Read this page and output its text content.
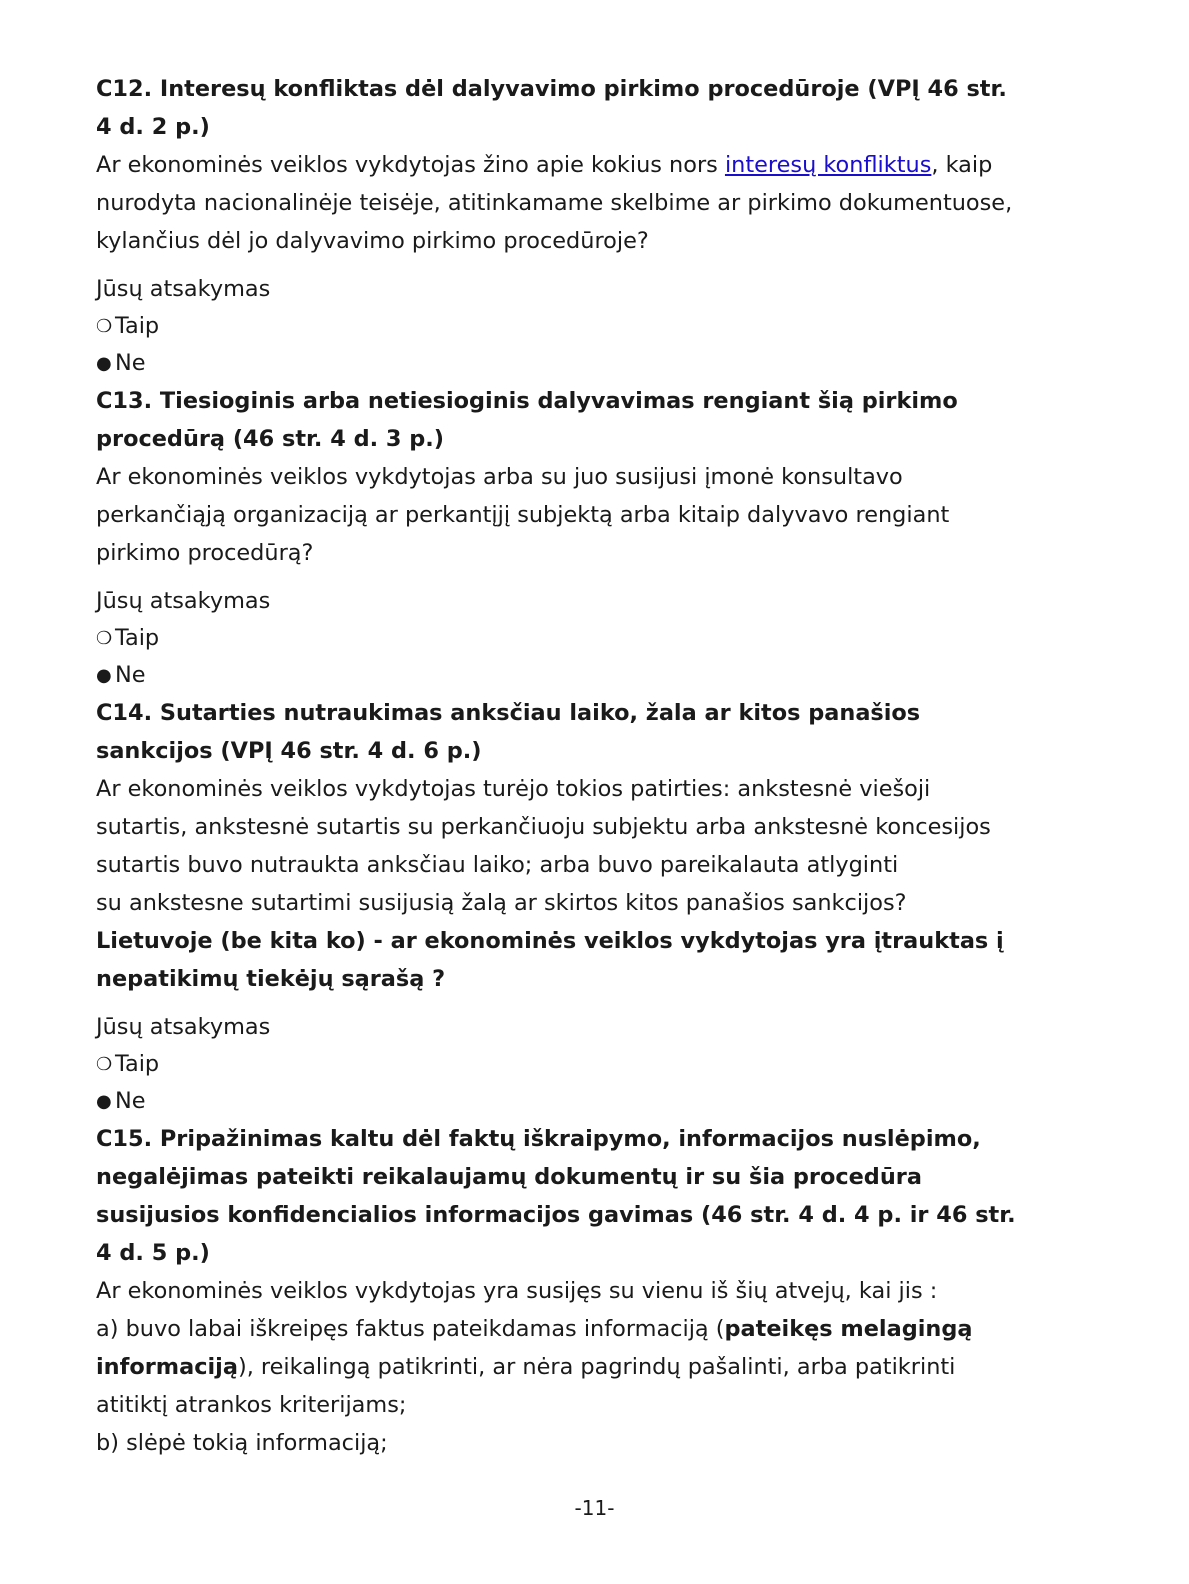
C12. Interesų konfliktas dėl dalyvavimo pirkimo procedūroje (VPĮ 46 str.
4 d. 2 p.)

Ar ekonominės veiklos vykdytojas žino apie kokius nors interesų konfliktus, kaip
nurodyta nacionalinėje teisėje, atitinkamame skelbime ar pirkimo dokumentuose,
kylančius dėl jo dalyvavimo pirkimo procedūroje?

Jūsų atsakymas

❍ Taip
● Ne

C13. Tiesioginis arba netiesioginis dalyvavimas rengiant šią pirkimo
procedūrą (46 str. 4 d. 3 p.)

Ar ekonominės veiklos vykdytojas arba su juo susijusi įmonė konsultavo
perkančiąją organizaciją ar perkantįjį subjektą arba kitaip dalyvavo rengiant
pirkimo procedūrą?

Jūsų atsakymas

❍ Taip
● Ne

C14. Sutarties nutraukimas anksčiau laiko, žala ar kitos panašios
sankcijos (VPĮ 46 str. 4 d. 6 p.)

Ar ekonominės veiklos vykdytojas turėjo tokios patirties: ankstesnė viešoji
sutartis, ankstesnė sutartis su perkančiuoju subjektu arba ankstesnė koncesijos
sutartis buvo nutraukta anksčiau laiko; arba buvo pareikalauta atlyginti
su ankstesne sutartimi susijusią žalą ar skirtos kitos panašios sankcijos?

Lietuvoje (be kita ko) - ar ekonominės veiklos vykdytojas yra įtrauktas į
nepatikimų tiekėjų sąrašą ?

Jūsų atsakymas

❍ Taip
● Ne

C15. Pripažinimas kaltu dėl faktų iškraipymo, informacijos nuslėpimo,
negalėjimas pateikti reikalaujamų dokumentų ir su šia procedūra
susijusios konfidencialios informacijos gavimas (46 str. 4 d. 4 p. ir 46 str.
4 d. 5 p.)

Ar ekonominės veiklos vykdytojas yra susijęs su vienu iš šių atvejų, kai jis :
a) buvo labai iškreipęs faktus pateikdamas informaciją (pateikęs melagingą
informaciją), reikalingą patikrinti, ar nėra pagrindų pašalinti, arba patikrinti
atitiktį atrankos kriterijams;
b) slėpė tokią informaciją;

-11-
